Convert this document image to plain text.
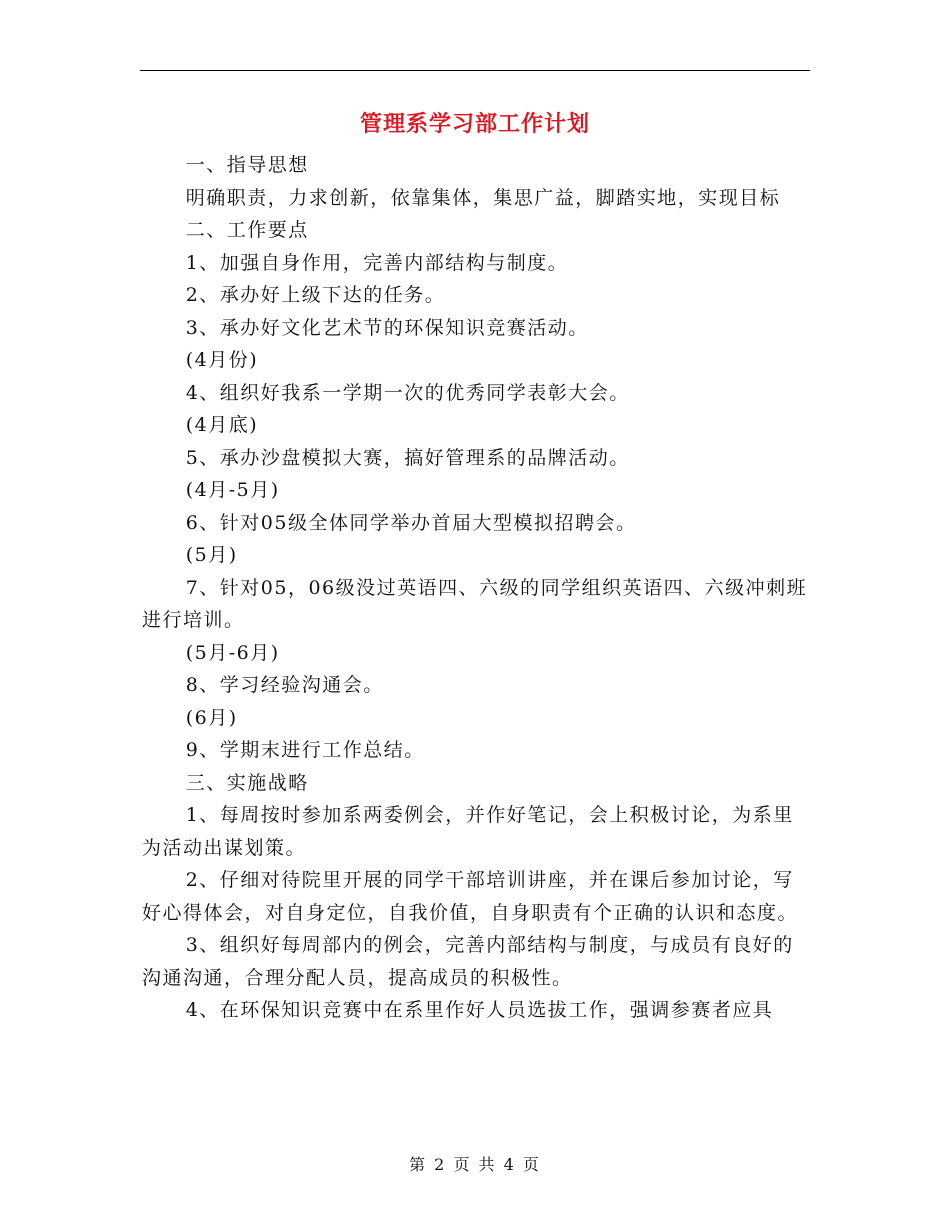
管理系学习部工作计划

一、指导思想

明确职责，力求创新，依靠集体，集思广益，脚踏实地，实现目标

二、工作要点

1、加强自身作用，完善内部结构与制度。

2、承办好上级下达的任务。

3、承办好文化艺术节的环保知识竞赛活动。

(4月份)

4、组织好我系一学期一次的优秀同学表彰大会。

(4月底)

5、承办沙盘模拟大赛，搞好管理系的品牌活动。

(4月-5月)

6、针对05级全体同学举办首届大型模拟招聘会。

(5月)

7、针对05，06级没过英语四、六级的同学组织英语四、六级冲刺班进行培训。

(5月-6月)

8、学习经验沟通会。

(6月)

9、学期末进行工作总结。

三、实施战略

1、每周按时参加系两委例会，并作好笔记，会上积极讨论，为系里为活动出谋划策。

2、仔细对待院里开展的同学干部培训讲座，并在课后参加讨论，写好心得体会，对自身定位，自我价值，自身职责有个正确的认识和态度。

3、组织好每周部内的例会，完善内部结构与制度，与成员有良好的沟通沟通，合理分配人员，提高成员的积极性。

4、在环保知识竞赛中在系里作好人员选拔工作，强调参赛者应具

第 2 页 共 4 页
